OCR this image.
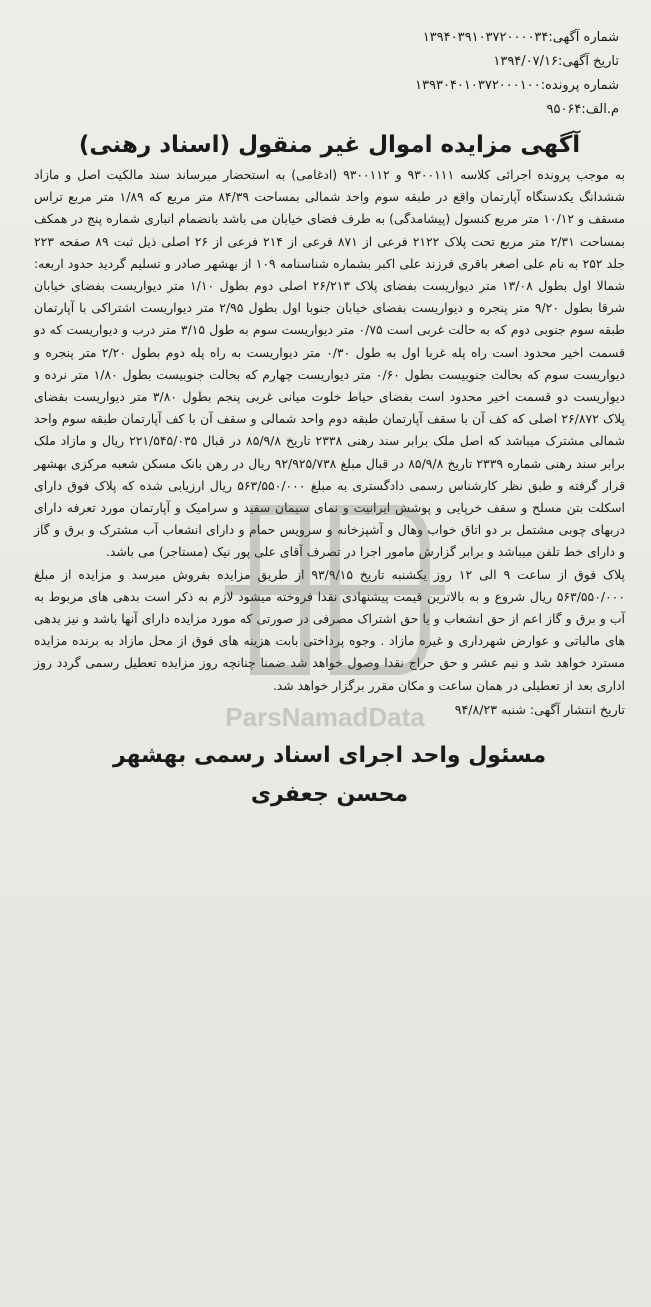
شماره آگهی:۱۳۹۴۰۳۹۱۰۳۷۲۰۰۰۰۳۴
تاریخ آگهی:۱۳۹۴/۰۷/۱۶
شماره پرونده:۱۳۹۳۰۴۰۱۰۳۷۲۰۰۰۱۰۰
م.الف:۹۵۰۶۴
آگهی مزایده اموال غیر منقول (اسناد رهنی)

به موجب پرونده اجرائی کلاسه ۹۳۰۰۱۱۱ و ۹۳۰۰۱۱۲ (ادغامی) به استحضار میرساند سند مالکیت اصل و مازاد ششدانگ یکدستگاه آپارتمان واقع در طبقه سوم واحد شمالی بمساحت ۸۴/۳۹ متر مربع که ۱/۸۹ متر مربع تراس مسقف و ۱۰/۱۲ متر مربع کنسول (پیشامدگی) به طرف فضای خیابان می باشد بانضمام انباری شماره پنج در همکف بمساحت ۲/۳۱ متر مربع تحت پلاک ۲۱۲۲ فرعی از ۸۷۱ فرعی از ۲۱۴ فرعی از ۲۶ اصلی ذیل ثبت ۸۹ صفحه ۲۲۳ جلد ۲۵۲ به نام علی اصغر باقری فرزند علی اکبر بشماره شناسنامه ۱۰۹ از بهشهر صادر و تسلیم گردید حدود اربعه: شمالا اول بطول ۱۳/۰۸ متر دیواریست بفضای پلاک ۲۶/۲۱۳ اصلی دوم بطول ۱/۱۰ متر دیواریست بفضای خیابان شرقا بطول ۹/۲۰ متر پنجره و دیواریست بفضای خیابان جنوبا اول بطول ۲/۹۵ متر دیواریست اشتراکی با آپارتمان طبقه سوم جنوبی دوم که به حالت غربی است ۰/۷۵ متر دیواریست سوم به طول ۳/۱۵ متر درب و دیواریست که دو قسمت اخیر محدود است راه پله غربا اول به طول ۰/۳۰ متر دیواریست به راه پله دوم بطول ۲/۲۰ متر پنجره و دیواریست سوم که بحالت جنوبیست بطول ۰/۶۰ متر دیواریست چهارم که بحالت جنوبیست بطول ۱/۸۰ متر نرده و دیواریست دو قسمت اخیر محدود است بفضای حیاط خلوت میانی غربی پنجم بطول ۳/۸۰ متر دیواریست بفضای پلاک ۲۶/۸۷۲ اصلی که کف آن با سقف آپارتمان طبقه دوم واحد شمالی و سقف آن با کف آپارتمان طبقه سوم واحد شمالی مشترک میباشد که اصل ملک برابر سند رهنی ۲۳۳۸ تاریخ ۸۵/۹/۸ در قبال ۲۲۱/۵۴۵/۰۳۵ ریال و مازاد ملک برابر سند رهنی شماره ۲۳۳۹ تاریخ ۸۵/۹/۸ در قبال مبلغ ۹۲/۹۲۵/۷۳۸ ریال در رهن بانک مسکن شعبه مرکزی بهشهر قرار گرفته و طبق نظر کارشناس رسمی دادگستری به مبلغ ۵۶۳/۵۵۰/۰۰۰ ریال ارزیابی شده که پلاک فوق دارای اسکلت بتن مسلح و سقف خرپایی و پوشش ایرانیت و نمای سیمان سفید و سرامیک و آپارتمان مورد تعرفه دارای دربهای چوبی مشتمل بر دو اتاق خواب وهال و آشپزخانه و سرویس حمام و دارای انشعاب آب مشترک و برق و گاز و دارای خط تلفن میباشد و برابر گزارش مامور اجرا در تصرف آقای علی پور نیک (مستاجر) می باشد.

پلاک فوق از ساعت ۹ الی ۱۲ روز یکشنبه تاریخ ۹۳/۹/۱۵ از طریق مزایده بفروش میرسد و مزایده از مبلغ ۵۶۳/۵۵۰/۰۰۰ ریال شروع و به بالاترین قیمت پیشنهادی نقدا فروخته میشود لازم به ذکر است بدهی های مربوط به آب و برق و گاز اعم از حق انشعاب و یا حق اشتراک مصرفی در صورتی که مورد مزایده دارای آنها باشد و نیز بدهی های مالیاتی و عوارض شهرداری و غیره مازاد . وجوه پرداختی بابت هزینه های فوق از محل مازاد به برنده مزایده مسترد خواهد شد و نیم عشر و حق حراج نقدا وصول خواهد شد ضمنا چنانچه روز مزایده تعطیل رسمی گردد روز اداری بعد از تعطیلی در همان ساعت و مکان مقرر برگزار خواهد شد.

تاریخ انتشار آگهی: شنبه ۹۴/۸/۲۳
مسئول واحد اجرای اسناد رسمی بهشهر
محسن جعفری
ParsNamadData
